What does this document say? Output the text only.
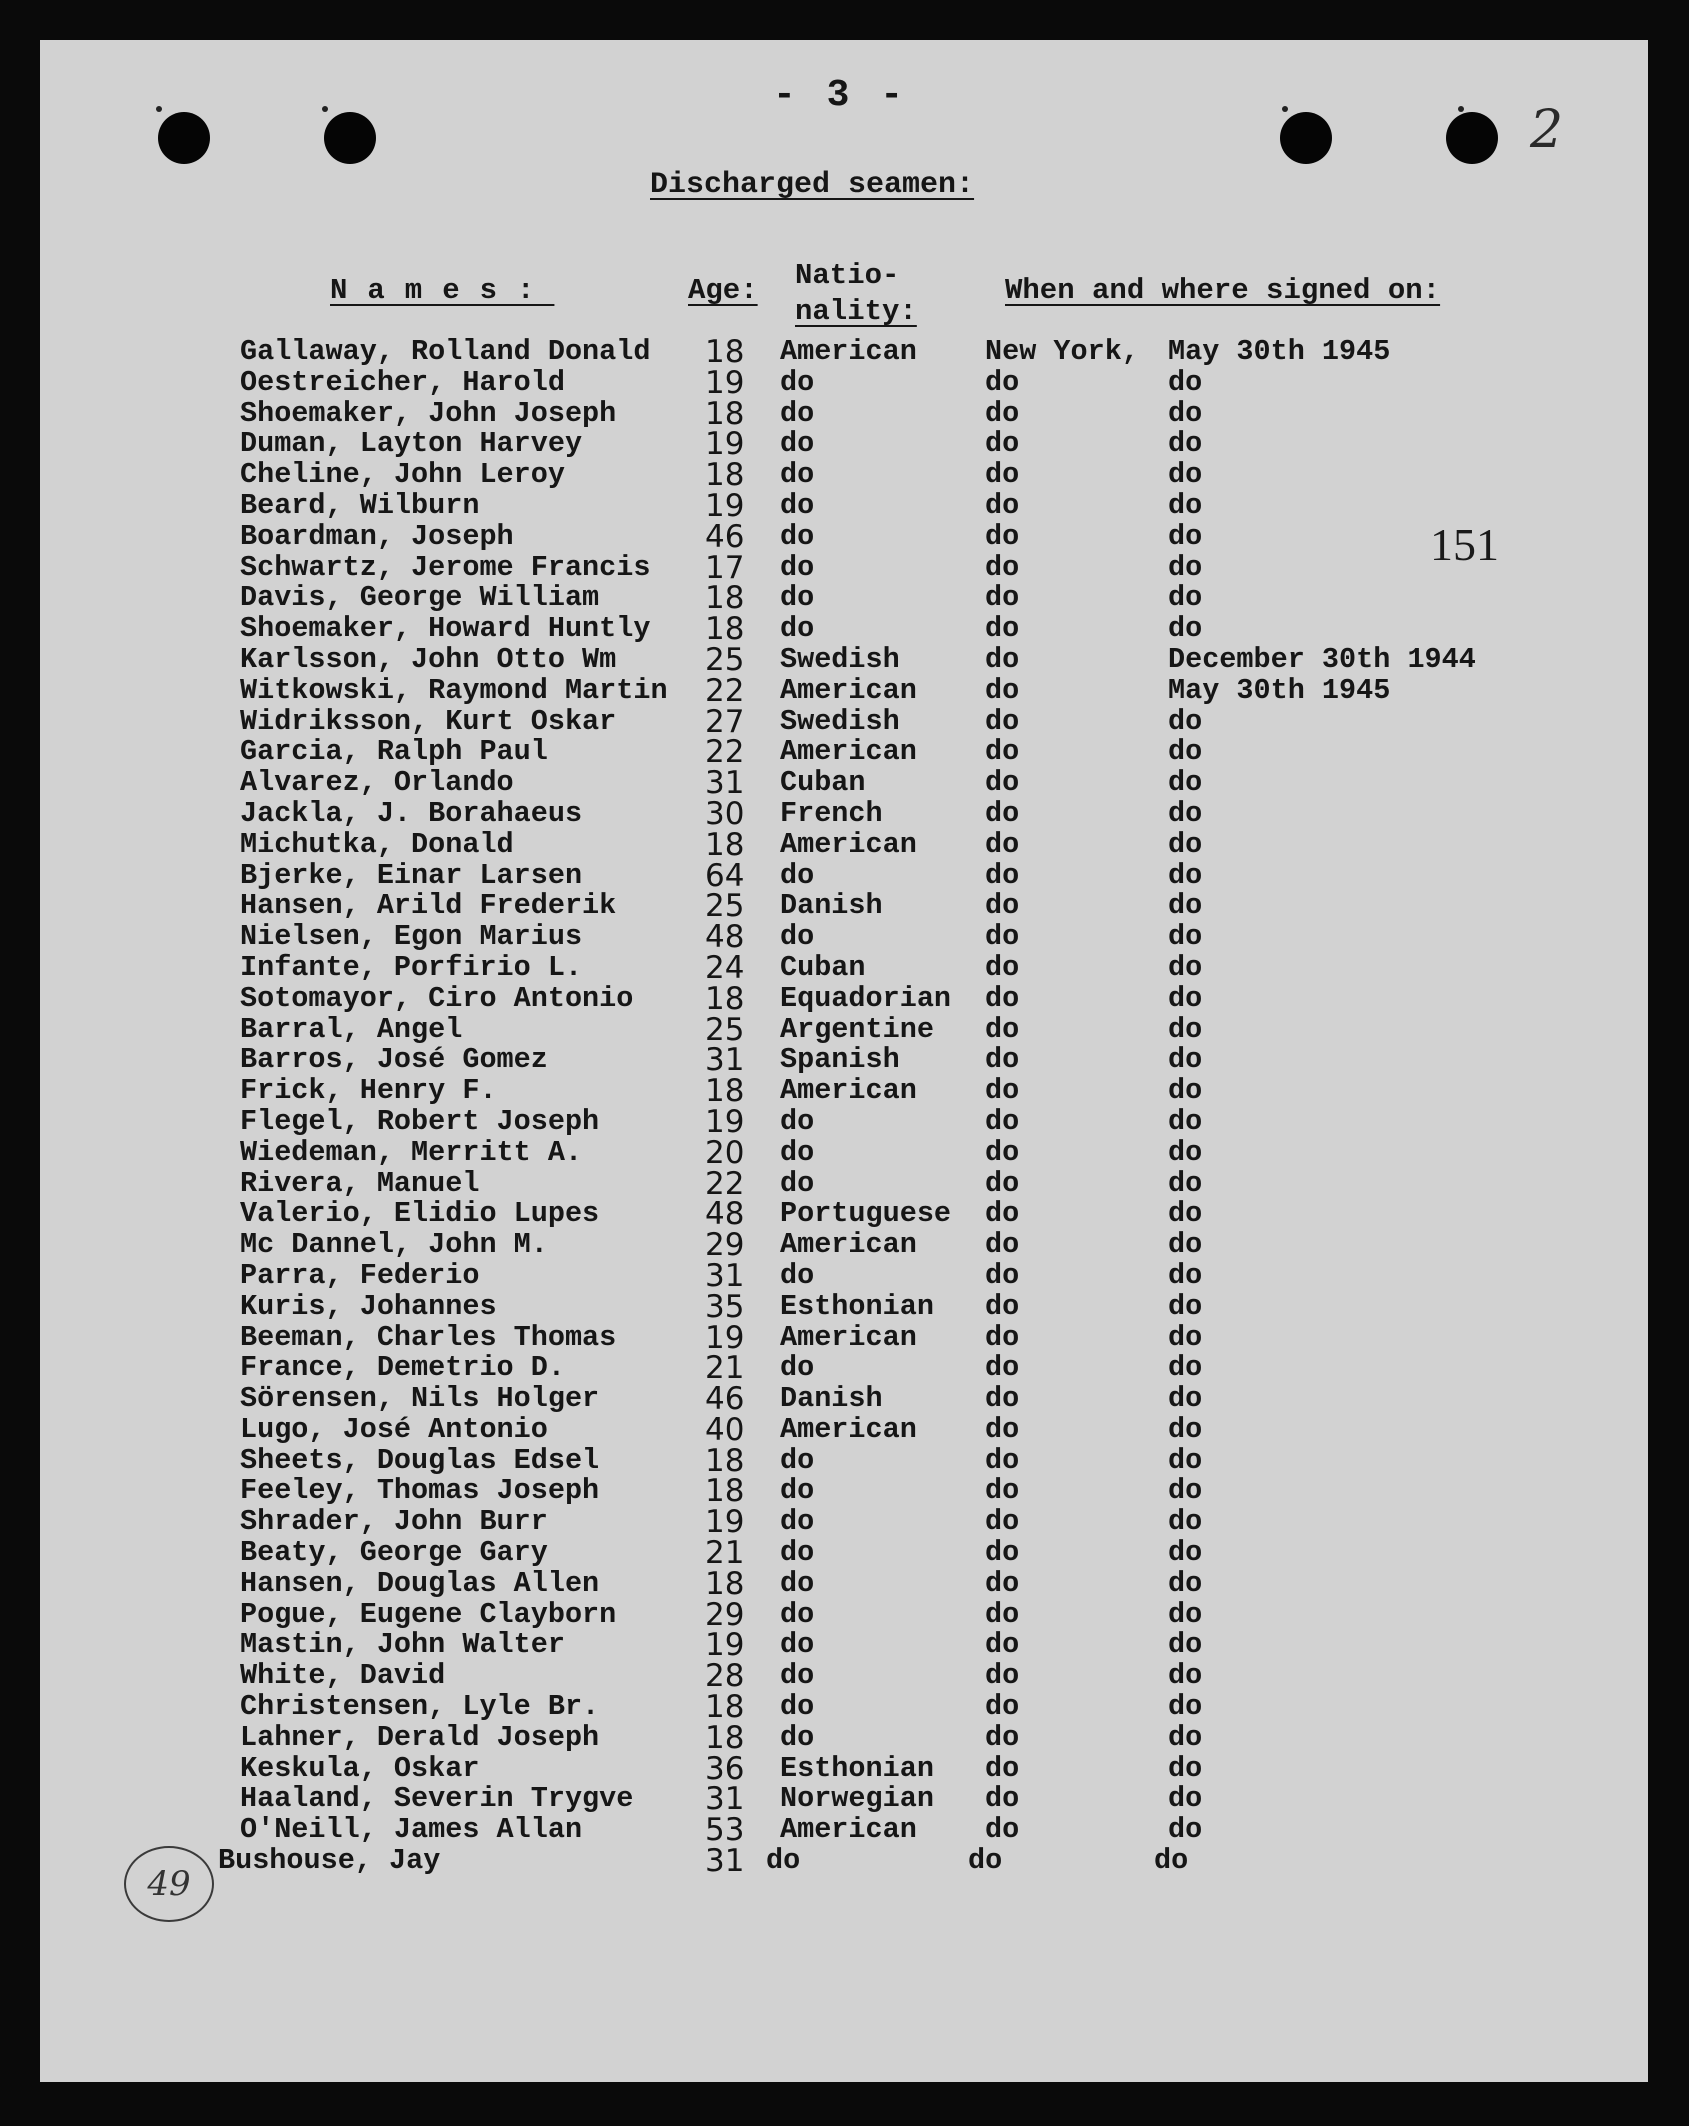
- 3 -
2
151
Discharged seamen:
Names:	Age: Natio-
nality:
When and where signed on:
Gallaway, Rolland Donald 18 American New York, May 30th 1945
Oestreicher, Harold	19 do	do	do
Shoemaker, John Joseph	18 do	do	do
Duman, Layton Harvey	19 do	do	do
Cheline, John Leroy	18 do	do	do
Beard, Wilburn	19 do	do	do
Boardman, Joseph	46 do	do	do
Schwartz, Jerome Francis 17 do	do	do
Davis, George William	18 do	do	do
Shoemaker, Howard Huntly 18 do	do	do
Karlsson, John Otto Wm	25 Swedish	do	December 30th 1944
Witkowski, Raymond Martin 22 American do	May 30th 1945
Widriksson, Kurt Oskar	27 Swedish	do	do
Garcia, Ralph Paul	22 American do	do
Alvarez, Orlando	31 Cuban	do	do
Jackla, J. Borahaeus	30 French	do	do
Michutka, Donald	18 American do	do
Bjerke, Einar Larsen	64 do	do	do
Hansen, Arild Frederik	25 Danish	do	do
Nielsen, Egon Marius	48 do	do	do
Infante, Porfirio L.	24 Cuban	do	do
Sotomayor, Ciro Antonio 18 Equadorian do	do
Barral, Angel	25 Argentine do	do
Barros, José Gomez	31 Spanish	do	do
Frick, Henry F.	18 American do	do
Flegel, Robert Joseph	19 do	do	do
Wiedeman, Merritt A.	20 do	do	do
Rivera, Manuel	22 do	do	do
Valerio, Elidio Lupes	48 Portuguese do	do
Mc Dannel, John M.	29 American do	do
Parra, Federio	31 do	do	do
Kuris, Johannes	35 Esthonian do	do
Beeman, Charles Thomas	19 American do	do
France, Demetrio D.	21 do	do	do
Sörensen, Nils Holger	46 Danish	do	do
Lugo, José Antonio	40 American do	do
Sheets, Douglas Edsel	18 do	do	do
Feeley, Thomas Joseph	18 do	do	do
Shrader, John Burr	19 do	do	do
Beaty, George Gary	21 do	do	do
Hansen, Douglas Allen	18 do	do	do
Pogue, Eugene Clayborn	29 do	do	do
Mastin, John Walter	19 do	do	do
White, David	28 do	do	do
Christensen, Lyle Br.	18 do	do	do
Lahner, Derald Joseph	18 do	do	do
Keskula, Oskar	36 Esthonian do	do
Haaland, Severin Trygve 31 Norwegian do	do
O'Neill, James Allan	53 American do	do
Bushouse, Jay	31 do	do	do
49
